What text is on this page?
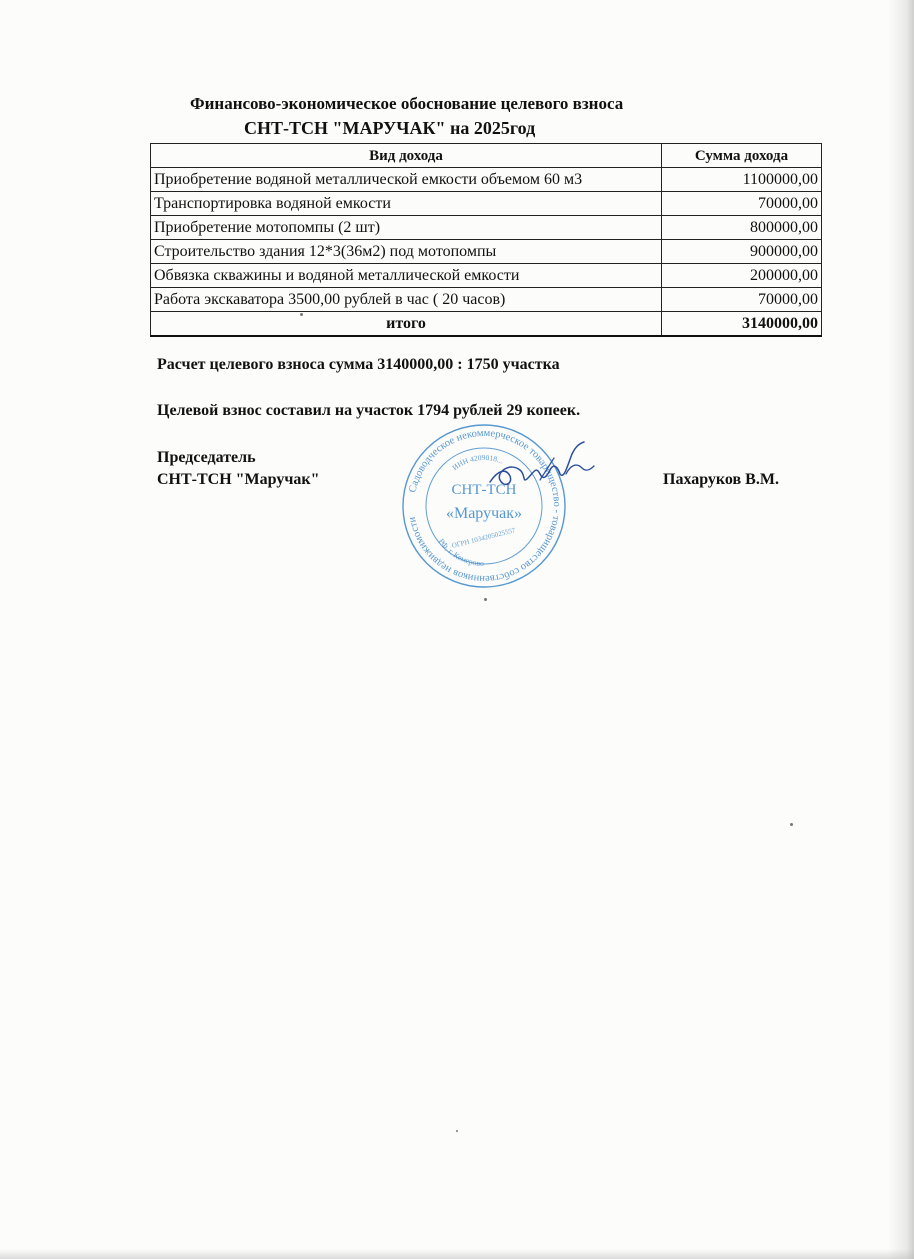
Финансово-экономическое обоснование целевого взноса
СНТ-ТСН "МАРУЧАК" на 2025год
Вид дохода	Сумма дохода
Приобретение водяной металлической емкости объемом 60 м3	1100000,00
Транспортировка водяной емкости	70000,00
Приобретение мотопомпы (2 шт)	800000,00
Строительство здания 12*3(36м2) под мотопомпы	900000,00
Обвязка скважины и водяной металлической емкости	200000,00
Работа экскаватора 3500,00 рублей в час ( 20 часов)	70000,00
итого	3140000,00
Расчет целевого взноса сумма 3140000,00 : 1750 участка
Целевой взнос составил на участок 1794 рублей 29 копеек.
Председатель
СНТ-ТСН "Маручак"	Пахаруков В.М.
Садоводческое некоммерческое товарищество - товарищество собственников недвижимости
ИНН 4209018...
РФ, г. Кемерово
СНТ-ТСН
«Маручак»
ОГРН 1034205025557
